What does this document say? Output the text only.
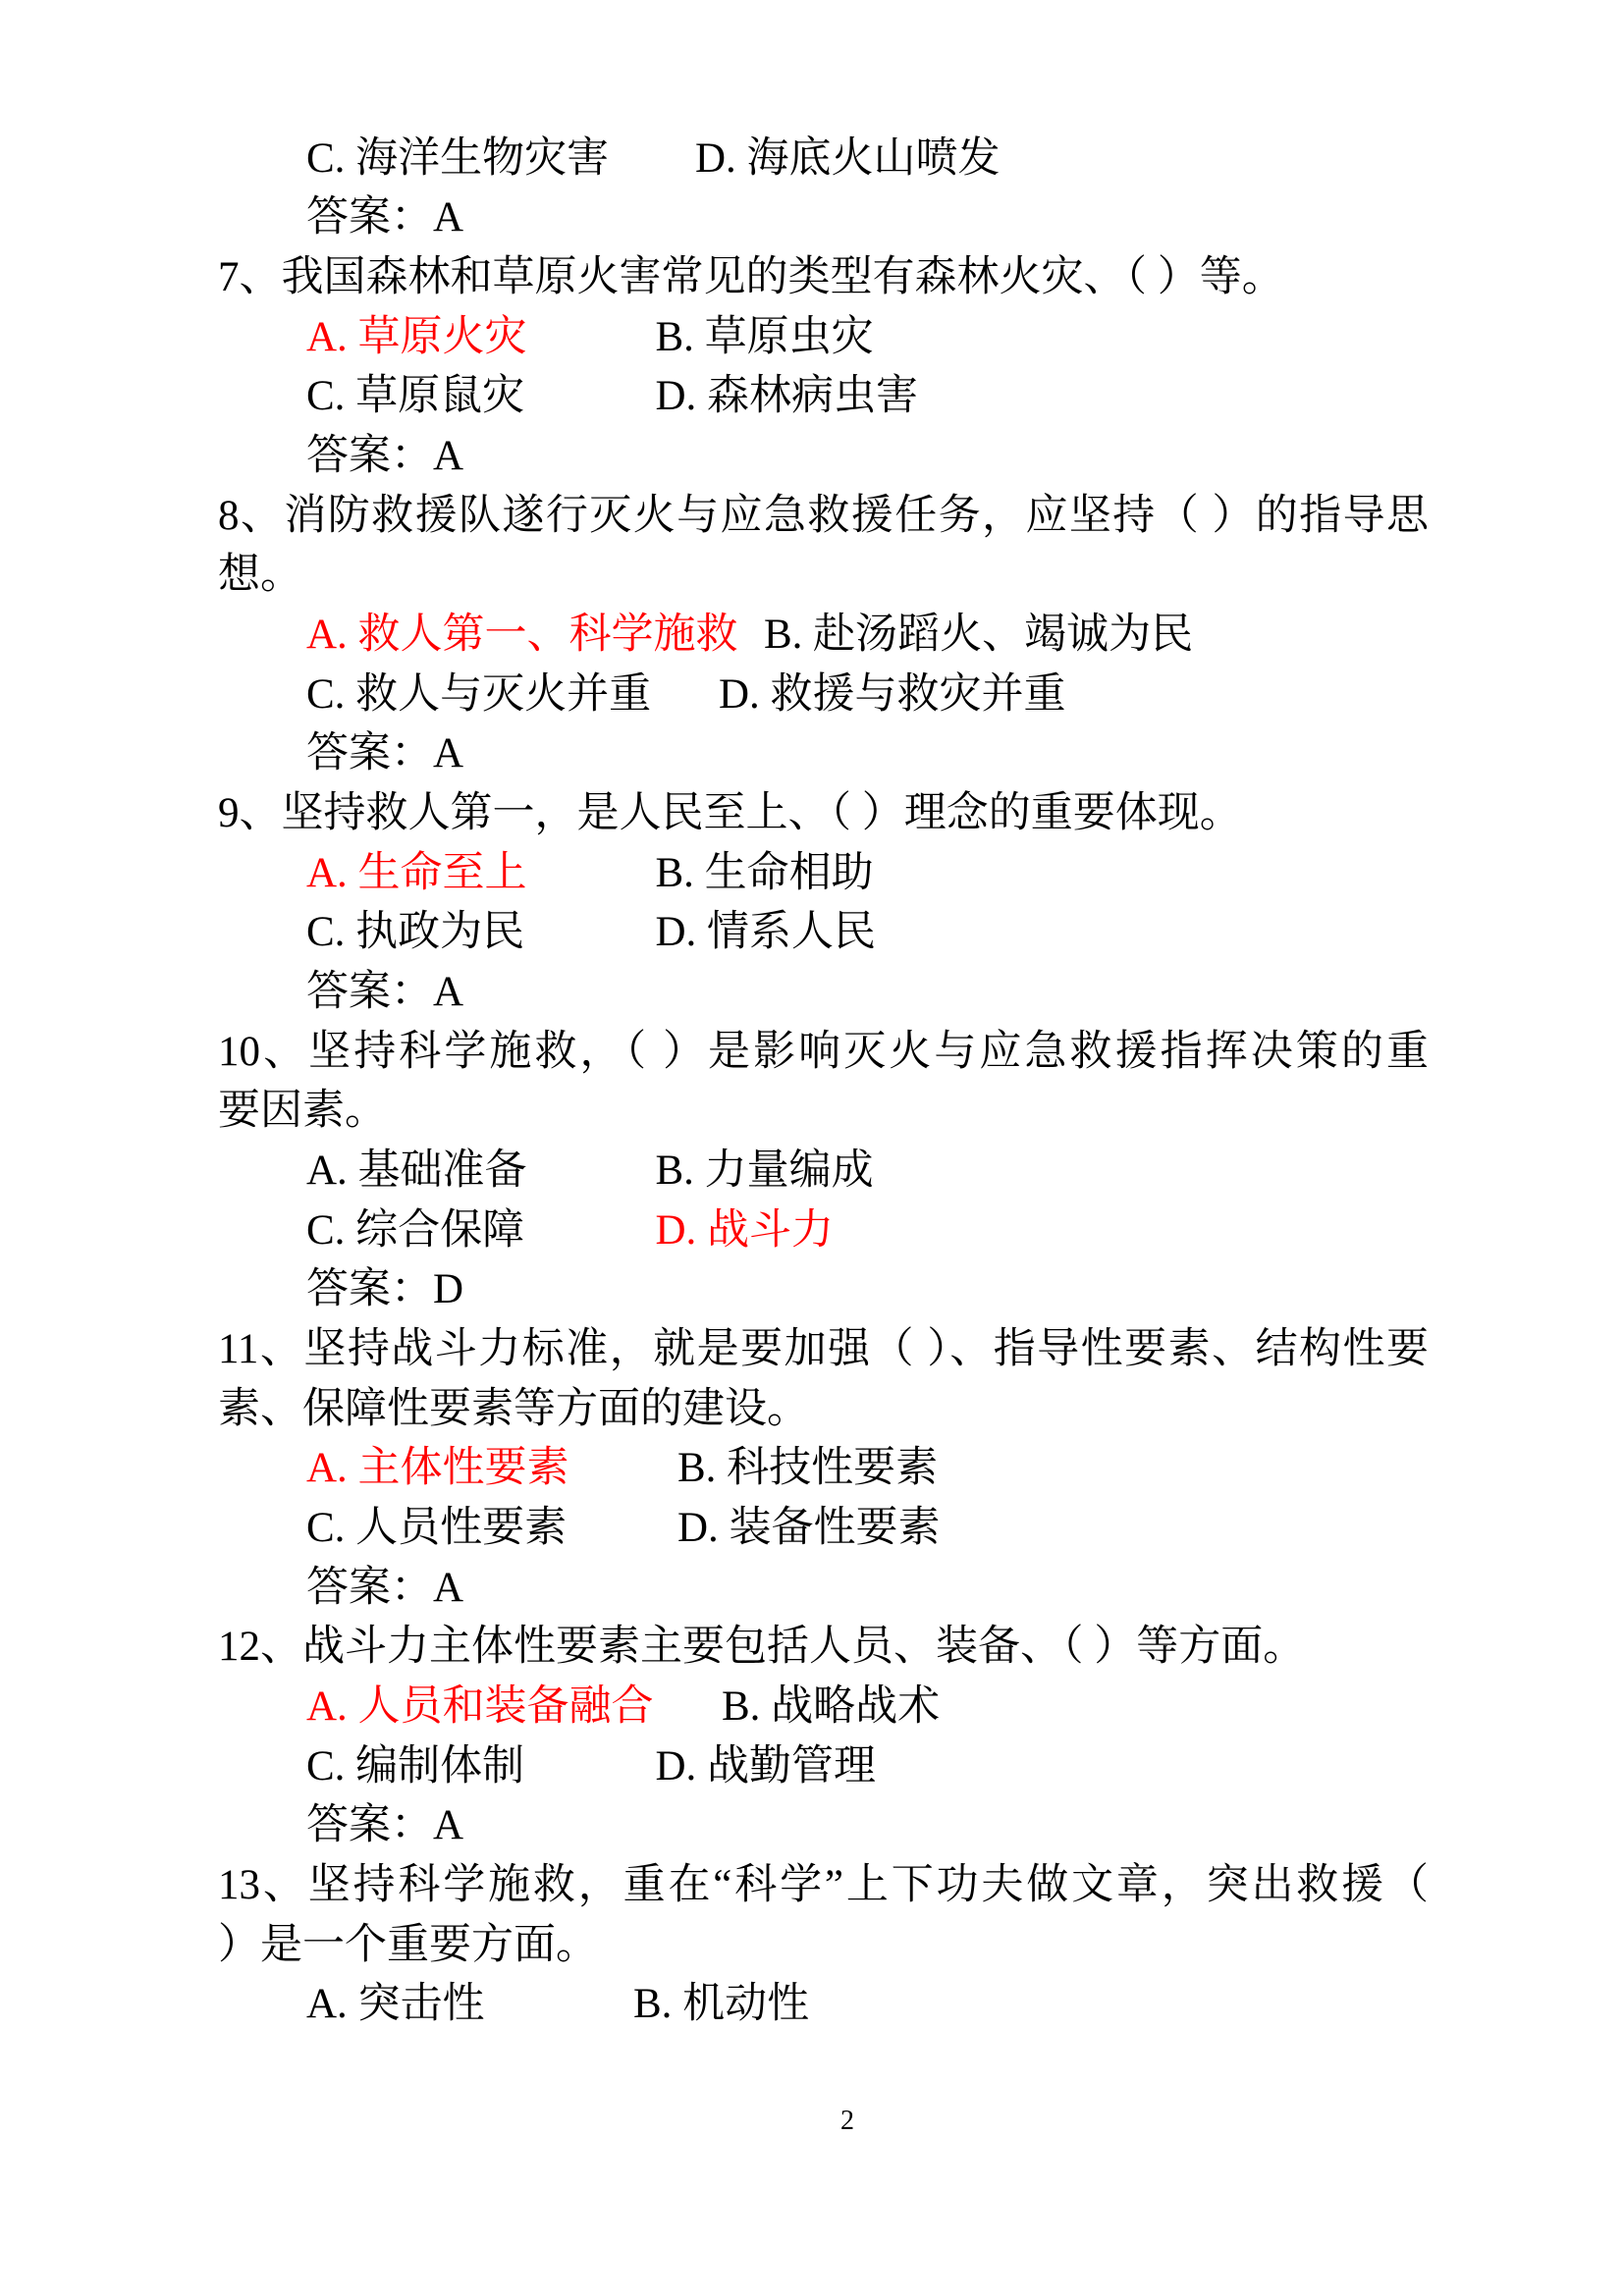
C. 海洋生物灾害 D. 海底火山喷发
答案：A
7、我国森林和草原火害常见的类型有森林火灾、（ ）等。
A. 草原火灾	B. 草原虫灾
C. 草原鼠灾	D. 森林病虫害
答案：A
8、消防救援队遂行灭火与应急救援任务，应坚持（ ）的指导思
想。
A. 救人第一、科学施救 B. 赴汤蹈火、竭诚为民
C. 救人与灭火并重 D. 救援与救灾并重
答案：A
9、坚持救人第一，是人民至上、（ ）理念的重要体现。
A. 生命至上	B. 生命相助
C. 执政为民	D. 情系人民
答案：A
10、坚持科学施救，（ ）是影响灭火与应急救援指挥决策的重
要因素。
A. 基础准备	B. 力量编成
C. 综合保障	D. 战斗力
答案：D
11、坚持战斗力标准，就是要加强（ ）、指导性要素、结构性要
素、保障性要素等方面的建设。
A. 主体性要素	B. 科技性要素
C. 人员性要素	D. 装备性要素
答案：A
12、战斗力主体性要素主要包括人员、装备、（ ）等方面。
A. 人员和装备融合 B. 战略战术
C. 编制体制	D. 战勤管理
答案：A
13、坚持科学施救，重在“科学”上下功夫做文章，突出救援（
）是一个重要方面。
A. 突击性	B. 机动性
2
